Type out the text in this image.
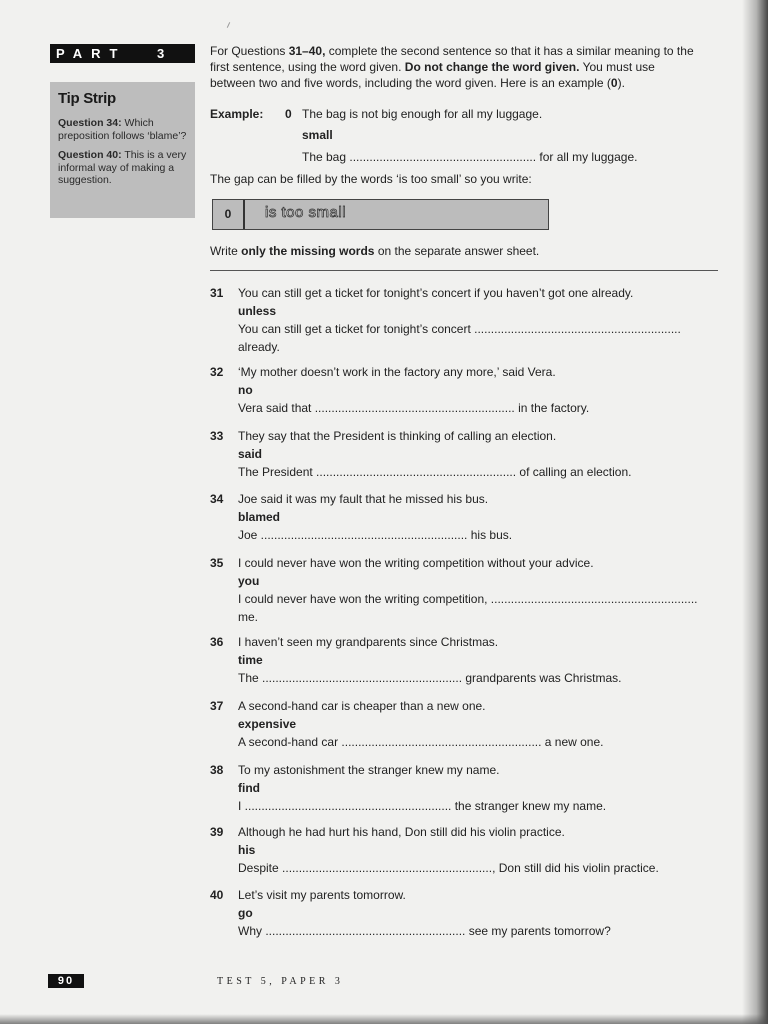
PART 3
Tip Strip
Question 34: Which preposition follows ‘blame’?
Question 40: This is a very informal way of making a suggestion.
For Questions 31–40, complete the second sentence so that it has a similar meaning to the first sentence, using the word given. Do not change the word given. You must use between two and five words, including the word given. Here is an example (0).
Example: 0 The bag is not big enough for all my luggage.
small
The bag ........................................................ for all my luggage.
The gap can be filled by the words ‘is too small’ so you write:
0	is too small
Write only the missing words on the separate answer sheet.
31 You can still get a ticket for tonight’s concert if you haven’t got one already.
unless
You can still get a ticket for tonight’s concert ..............................................................
already.
32 ‘My mother doesn’t work in the factory any more,’ said Vera.
no
Vera said that ............................................................ in the factory.
33 They say that the President is thinking of calling an election.
said
The President ............................................................ of calling an election.
34 Joe said it was my fault that he missed his bus.
blamed
Joe .............................................................. his bus.
35 I could never have won the writing competition without your advice.
you
I could never have won the writing competition, ..............................................................
me.
36 I haven’t seen my grandparents since Christmas.
time
The ............................................................ grandparents was Christmas.
37 A second-hand car is cheaper than a new one.
expensive
A second-hand car ............................................................ a new one.
38 To my astonishment the stranger knew my name.
find
I .............................................................. the stranger knew my name.
39 Although he had hurt his hand, Don still did his violin practice.
his
Despite ..............................................................., Don still did his violin practice.
40 Let’s visit my parents tomorrow.
go
Why ............................................................ see my parents tomorrow?
90	TEST 5, PAPER 3
